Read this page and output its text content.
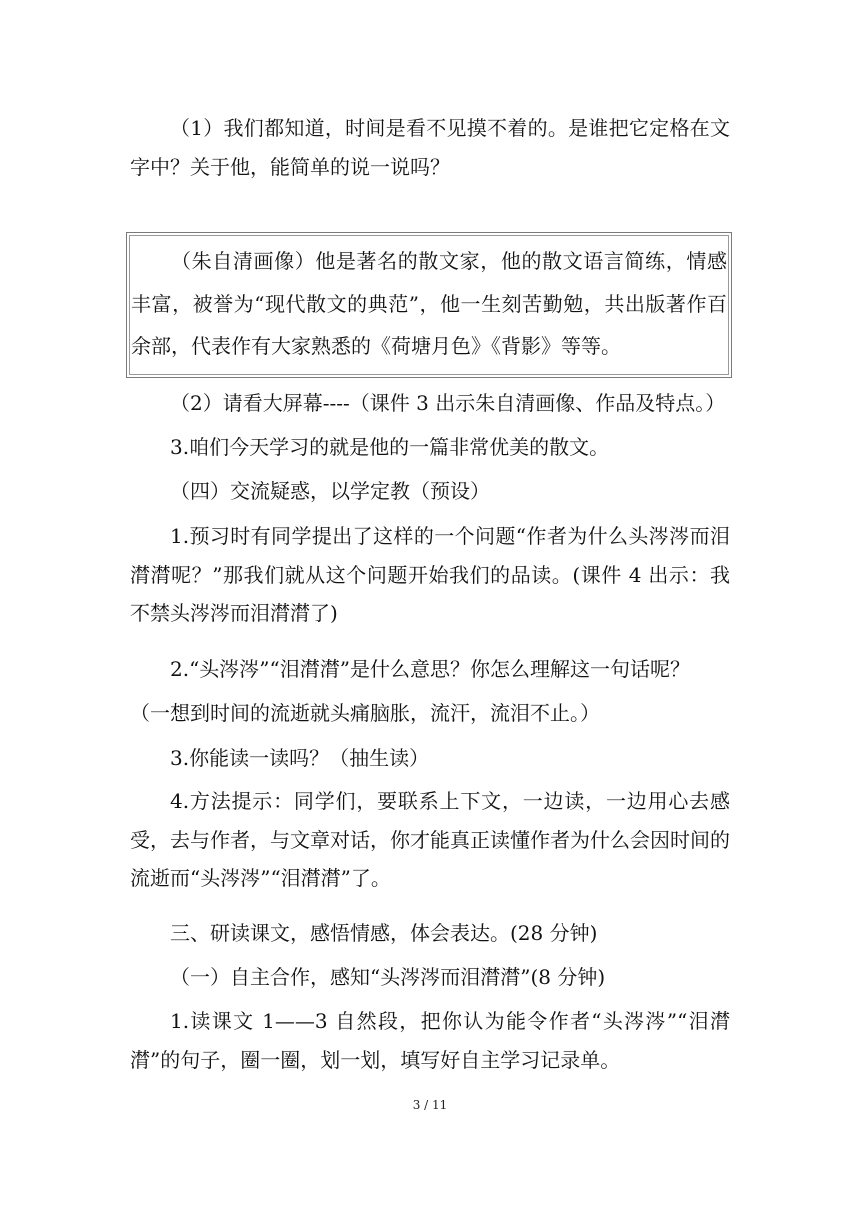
（1）我们都知道，时间是看不见摸不着的。是谁把它定格在文字中？关于他，能简单的说一说吗？
（朱自清画像）他是著名的散文家，他的散文语言简练，情感丰富，被誉为“现代散文的典范”，他一生刻苦勤勉，共出版著作百余部，代表作有大家熟悉的《荷塘月色》《背影》等等。
（2）请看大屏幕----（课件 3 出示朱自清画像、作品及特点。）
3.咱们今天学习的就是他的一篇非常优美的散文。
（四）交流疑惑，以学定教（预设）
1.预习时有同学提出了这样的一个问题“作者为什么头涔涔而泪潸潸呢？”那我们就从这个问题开始我们的品读。(课件 4 出示：我不禁头涔涔而泪潸潸了)
2.“头涔涔”“泪潸潸”是什么意思？你怎么理解这一句话呢？
（一想到时间的流逝就头痛脑胀，流汗，流泪不止。）
3.你能读一读吗？（抽生读）
4.方法提示：同学们，要联系上下文，一边读，一边用心去感受，去与作者，与文章对话，你才能真正读懂作者为什么会因时间的流逝而“头涔涔”“泪潸潸”了。
三、研读课文，感悟情感，体会表达。(28 分钟)
（一）自主合作，感知“头涔涔而泪潸潸”(8 分钟)
1.读课文 1——3 自然段，把你认为能令作者“头涔涔”“泪潸潸”的句子，圈一圈，划一划，填写好自主学习记录单。
3 / 11
